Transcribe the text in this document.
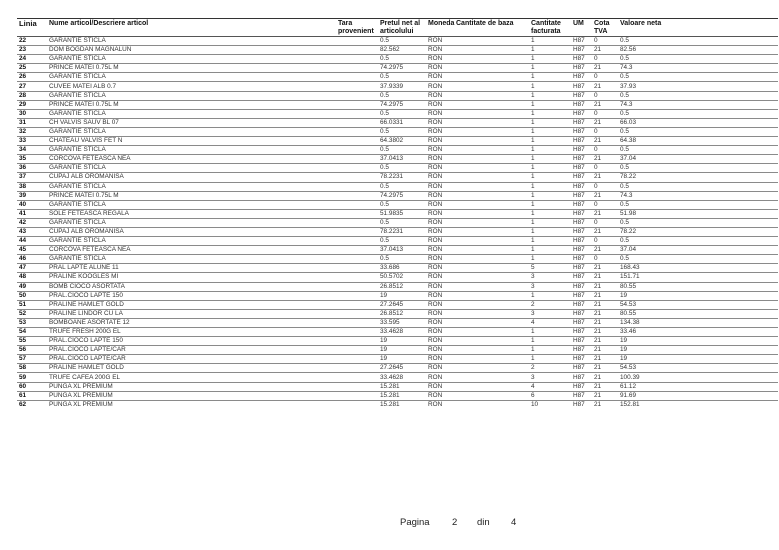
Linia	Nume articol/Descriere articol	Tara provenient	Pretul net al articolului	Moneda	Cantitate de baza	Cantitate facturata	UM	Cota TVA	Valoare neta
22	GARANTIE STICLA		0.5	RON		1	H87	0	0.5
23	DOM BOGDAN MAGNALUN		82.562	RON		1	H87	21	82.56
24	GARANTIE STICLA		0.5	RON		1	H87	0	0.5
25	PRINCE MATEI 0.75L M		74.2975	RON		1	H87	21	74.3
26	GARANTIE STICLA		0.5	RON		1	H87	0	0.5
27	CUVEE MATEI ALB 0.7		37.9339	RON		1	H87	21	37.93
28	GARANTIE STICLA		0.5	RON		1	H87	0	0.5
29	PRINCE MATEI 0.75L M		74.2975	RON		1	H87	21	74.3
30	GARANTIE STICLA		0.5	RON		1	H87	0	0.5
31	CH VALVIS SAUV BL 07		66.0331	RON		1	H87	21	66.03
32	GARANTIE STICLA		0.5	RON		1	H87	0	0.5
33	CHATEAU VALVIS FET N		64.3802	RON		1	H87	21	64.38
34	GARANTIE STICLA		0.5	RON		1	H87	0	0.5
35	CORCOVA FETEASCA NEA		37.0413	RON		1	H87	21	37.04
36	GARANTIE STICLA		0.5	RON		1	H87	0	0.5
37	CUPAJ ALB OROMANISA		78.2231	RON		1	H87	21	78.22
38	GARANTIE STICLA		0.5	RON		1	H87	0	0.5
39	PRINCE MATEI 0.75L M		74.2975	RON		1	H87	21	74.3
40	GARANTIE STICLA		0.5	RON		1	H87	0	0.5
41	SOLE FETEASCA REGALA		51.9835	RON		1	H87	21	51.98
42	GARANTIE STICLA		0.5	RON		1	H87	0	0.5
43	CUPAJ ALB OROMANISA		78.2231	RON		1	H87	21	78.22
44	GARANTIE STICLA		0.5	RON		1	H87	0	0.5
45	CORCOVA FETEASCA NEA		37.0413	RON		1	H87	21	37.04
46	GARANTIE STICLA		0.5	RON		1	H87	0	0.5
47	PRAL LAPTE ALUNE 11		33.686	RON		5	H87	21	168.43
48	PRALINE KOOGLES MI		50.5702	RON		3	H87	21	151.71
49	BOMB CIOCO ASORTATA		26.8512	RON		3	H87	21	80.55
50	PRAL.CIOCO LAPTE 150		19	RON		1	H87	21	19
51	PRALINE HAMLET GOLD		27.2645	RON		2	H87	21	54.53
52	PRALINE LINDOR CU LA		26.8512	RON		3	H87	21	80.55
53	BOMBOANE ASORTATE 12		33.595	RON		4	H87	21	134.38
54	TRUFE FRESH 200G EL		33.4628	RON		1	H87	21	33.46
55	PRAL.CIOCO LAPTE 150		19	RON		1	H87	21	19
56	PRAL.CIOCO LAPTE/CAR		19	RON		1	H87	21	19
57	PRAL.CIOCO LAPTE/CAR		19	RON		1	H87	21	19
58	PRALINE HAMLET GOLD		27.2645	RON		2	H87	21	54.53
59	TRUFE CAFEA 200G EL		33.4628	RON		3	H87	21	100.39
60	PUNGA XL PREMIUM		15.281	RON		4	H87	21	61.12
61	PUNGA XL PREMIUM		15.281	RON		6	H87	21	91.69
62	PUNGA XL PREMIUM		15.281	RON		10	H87	21	152.81
Pagina 2 din 4
